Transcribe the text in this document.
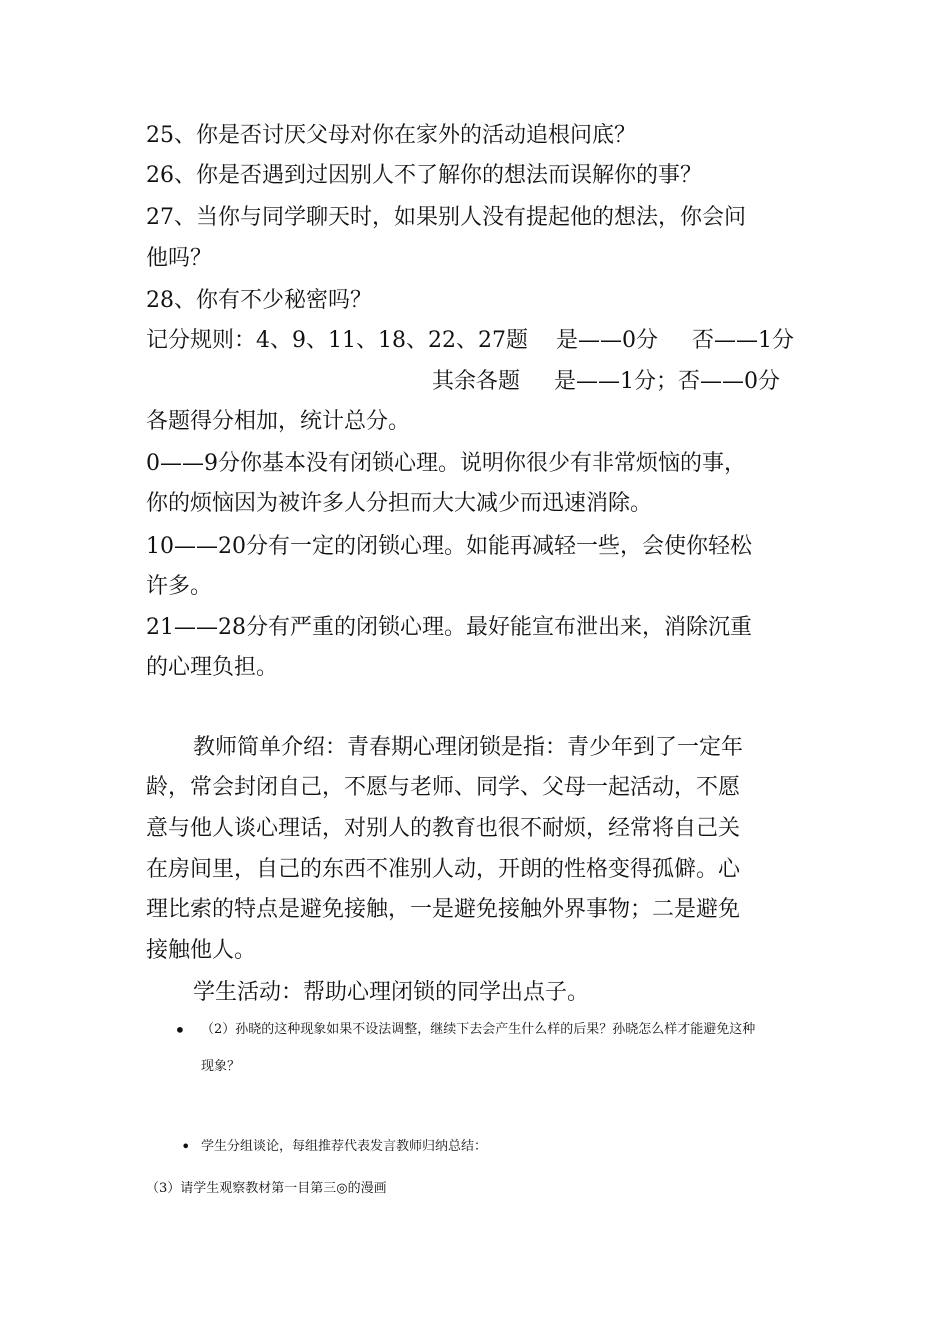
25、你是否讨厌父母对你在家外的活动追根问底？
26、你是否遇到过因别人不了解你的想法而误解你的事？
27、当你与同学聊天时，如果别人没有提起他的想法，你会问
他吗？
28、你有不少秘密吗？
记分规则：4、9、11、18、22、27题 是——0分 否——1分
其余各题 是——1分；否——0分
各题得分相加，统计总分。
0——9分你基本没有闭锁心理。说明你很少有非常烦恼的事，
你的烦恼因为被许多人分担而大大减少而迅速消除。
10——20分有一定的闭锁心理。如能再减轻一些，会使你轻松
许多。
21——28分有严重的闭锁心理。最好能宣布泄出来，消除沉重
的心理负担。
教师简单介绍：青春期心理闭锁是指：青少年到了一定年
龄，常会封闭自己，不愿与老师、同学、父母一起活动，不愿
意与他人谈心理话，对别人的教育也很不耐烦，经常将自己关
在房间里，自己的东西不准别人动，开朗的性格变得孤僻。心
理比索的特点是避免接触，一是避免接触外界事物；二是避免
接触他人。
学生活动：帮助心理闭锁的同学出点子。
• （2）孙晓的这种现象如果不设法调整，继续下去会产生什么样的后果？孙晓怎么样才能避免这种
现象？
• 学生分组谈论，每组推荐代表发言教师归纳总结：
（3）请学生观察教材第一目第三◎的漫画
